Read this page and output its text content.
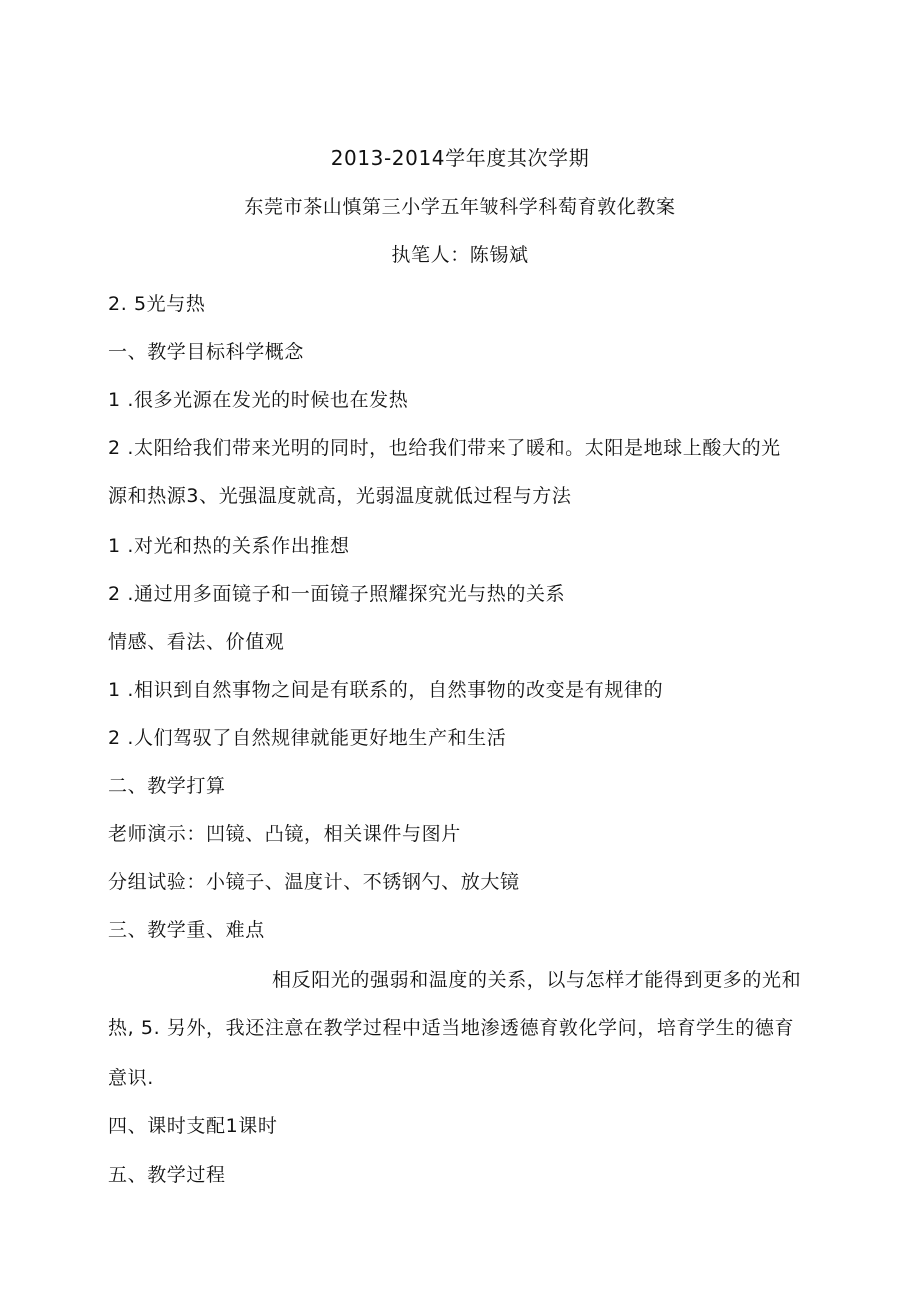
2013-2014学年度其次学期
东莞市茶山慎第三小学五年皱科学科萄育敦化教案
执笔人：陈锡斌
2. 5光与热
一、教学目标科学概念
1 .很多光源在发光的时候也在发热
2 .太阳给我们带来光明的同时，也给我们带来了暖和。太阳是地球上酸大的光
源和热源3、光强温度就高，光弱温度就低过程与方法
1 .对光和热的关系作出推想
2 .通过用多面镜子和一面镜子照耀探究光与热的关系
情感、看法、价值观
1 .相识到自然事物之间是有联系的，自然事物的改变是有规律的
2 .人们驾驭了自然规律就能更好地生产和生活
二、教学打算
老师演示：凹镜、凸镜，相关课件与图片
分组试验：小镜子、温度计、不锈钢勺、放大镜
三、教学重、难点
相反阳光的强弱和温度的关系，以与怎样才能得到更多的光和
热, 5. 另外，我还注意在教学过程中适当地渗透德育敦化学问，培育学生的德育
意识.
四、课时支配1课时
五、教学过程
